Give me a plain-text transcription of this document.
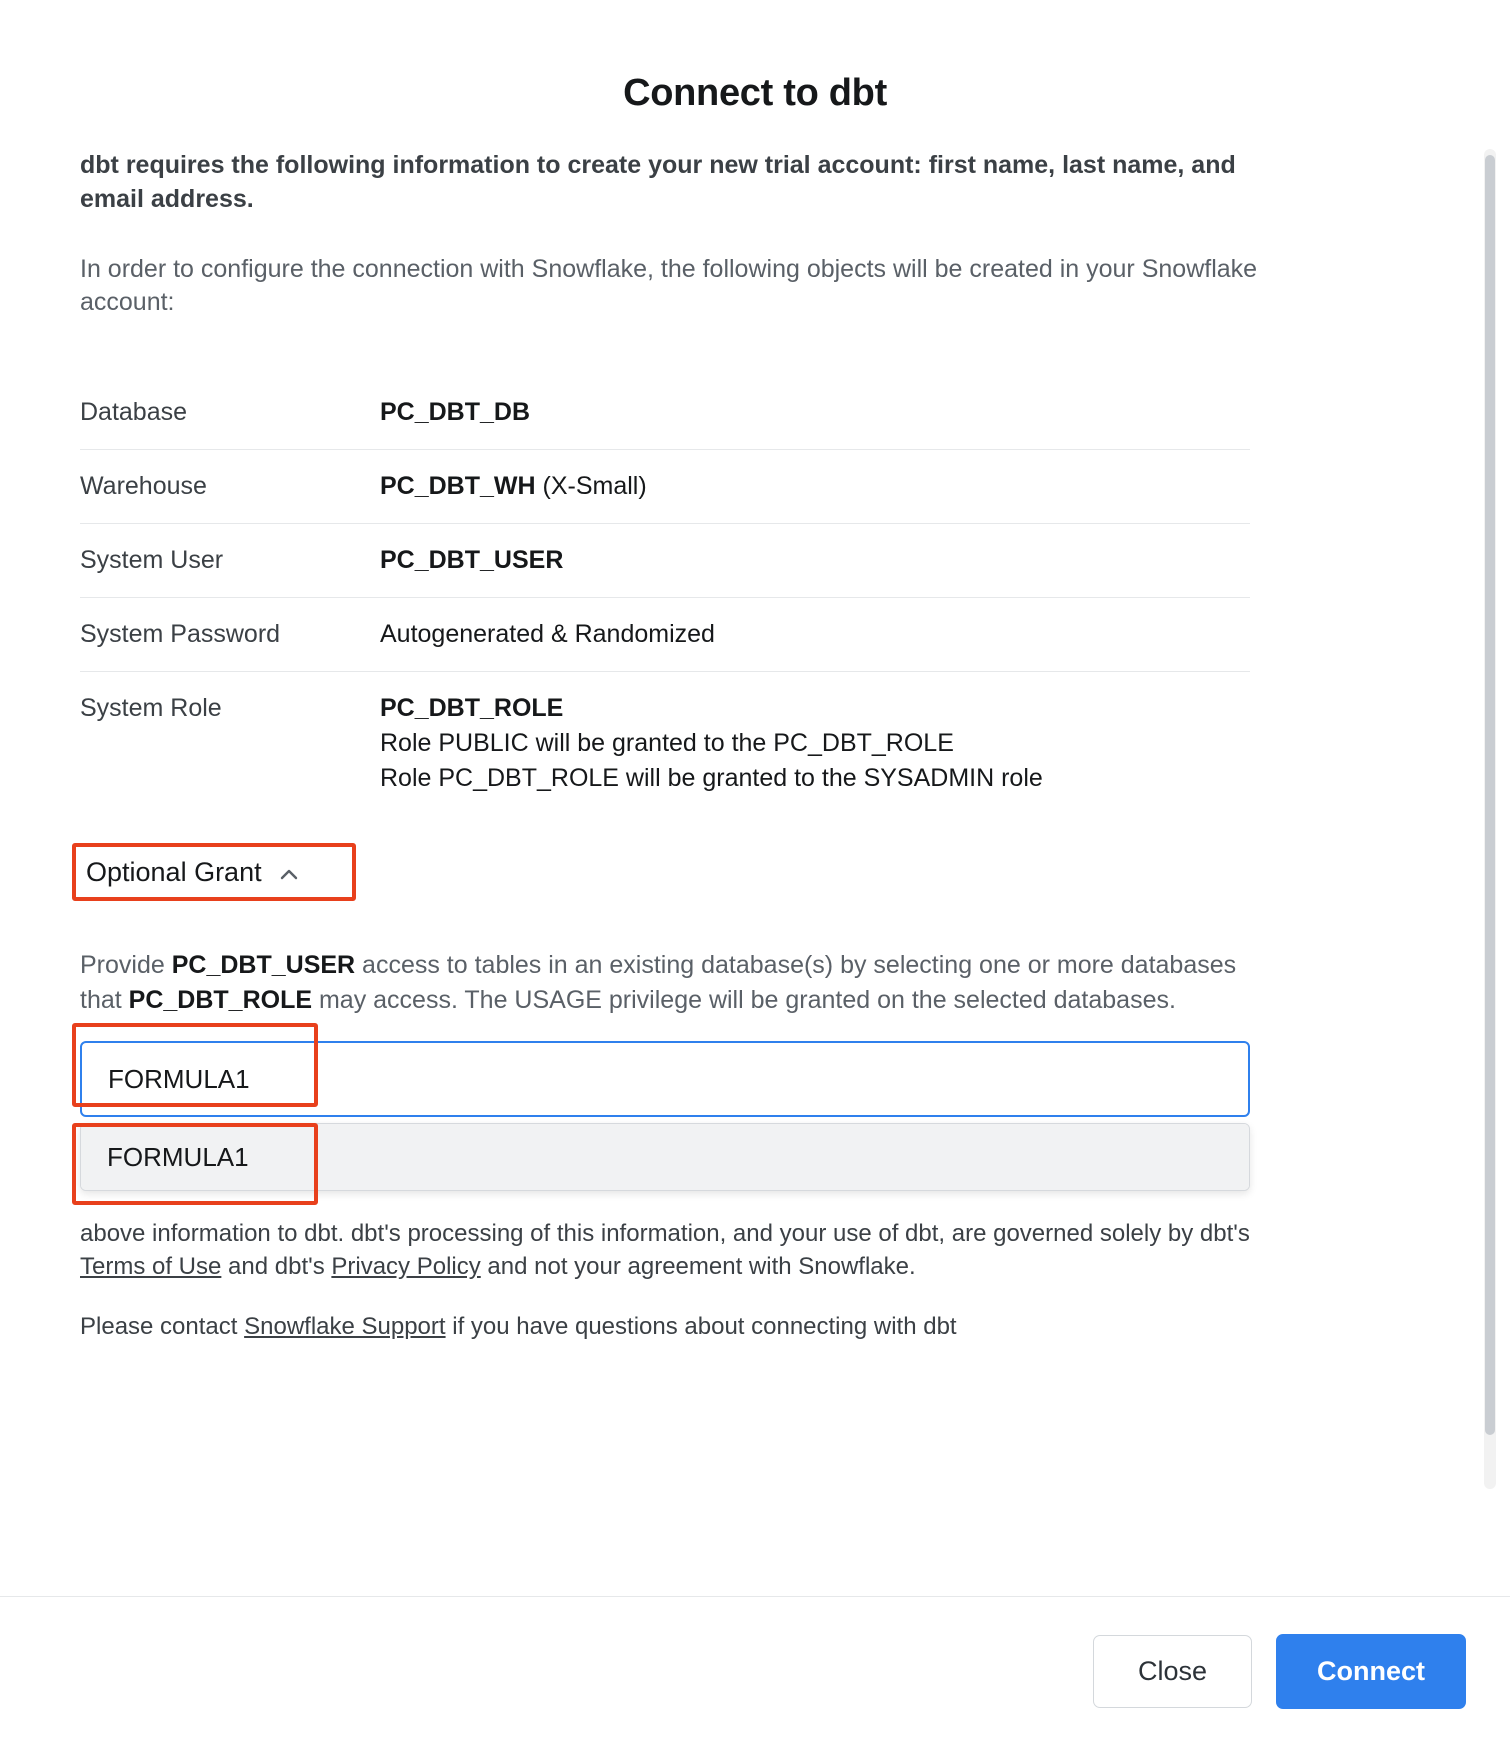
Connect to dbt

dbt requires the following information to create your new trial account: first name, last name, and email address.

In order to configure the connection with Snowflake, the following objects will be created in your Snowflake account:

Database	PC_DBT_DB
Warehouse	PC_DBT_WH (X-Small)
System User	PC_DBT_USER
System Password	Autogenerated & Randomized
System Role	PC_DBT_ROLE
Role PUBLIC will be granted to the PC_DBT_ROLE
Role PC_DBT_ROLE will be granted to the SYSADMIN role
Optional Grant

Provide PC_DBT_USER access to tables in an existing database(s) by selecting one or more databases that PC_DBT_ROLE may access. The USAGE privilege will be granted on the selected databases.

FORMULA1
FORMULA1

above information to dbt. dbt's processing of this information, and your use of dbt, are governed solely by dbt's Terms of Use and dbt's Privacy Policy and not your agreement with Snowflake.

Please contact Snowflake Support if you have questions about connecting with dbt

Close	Connect
